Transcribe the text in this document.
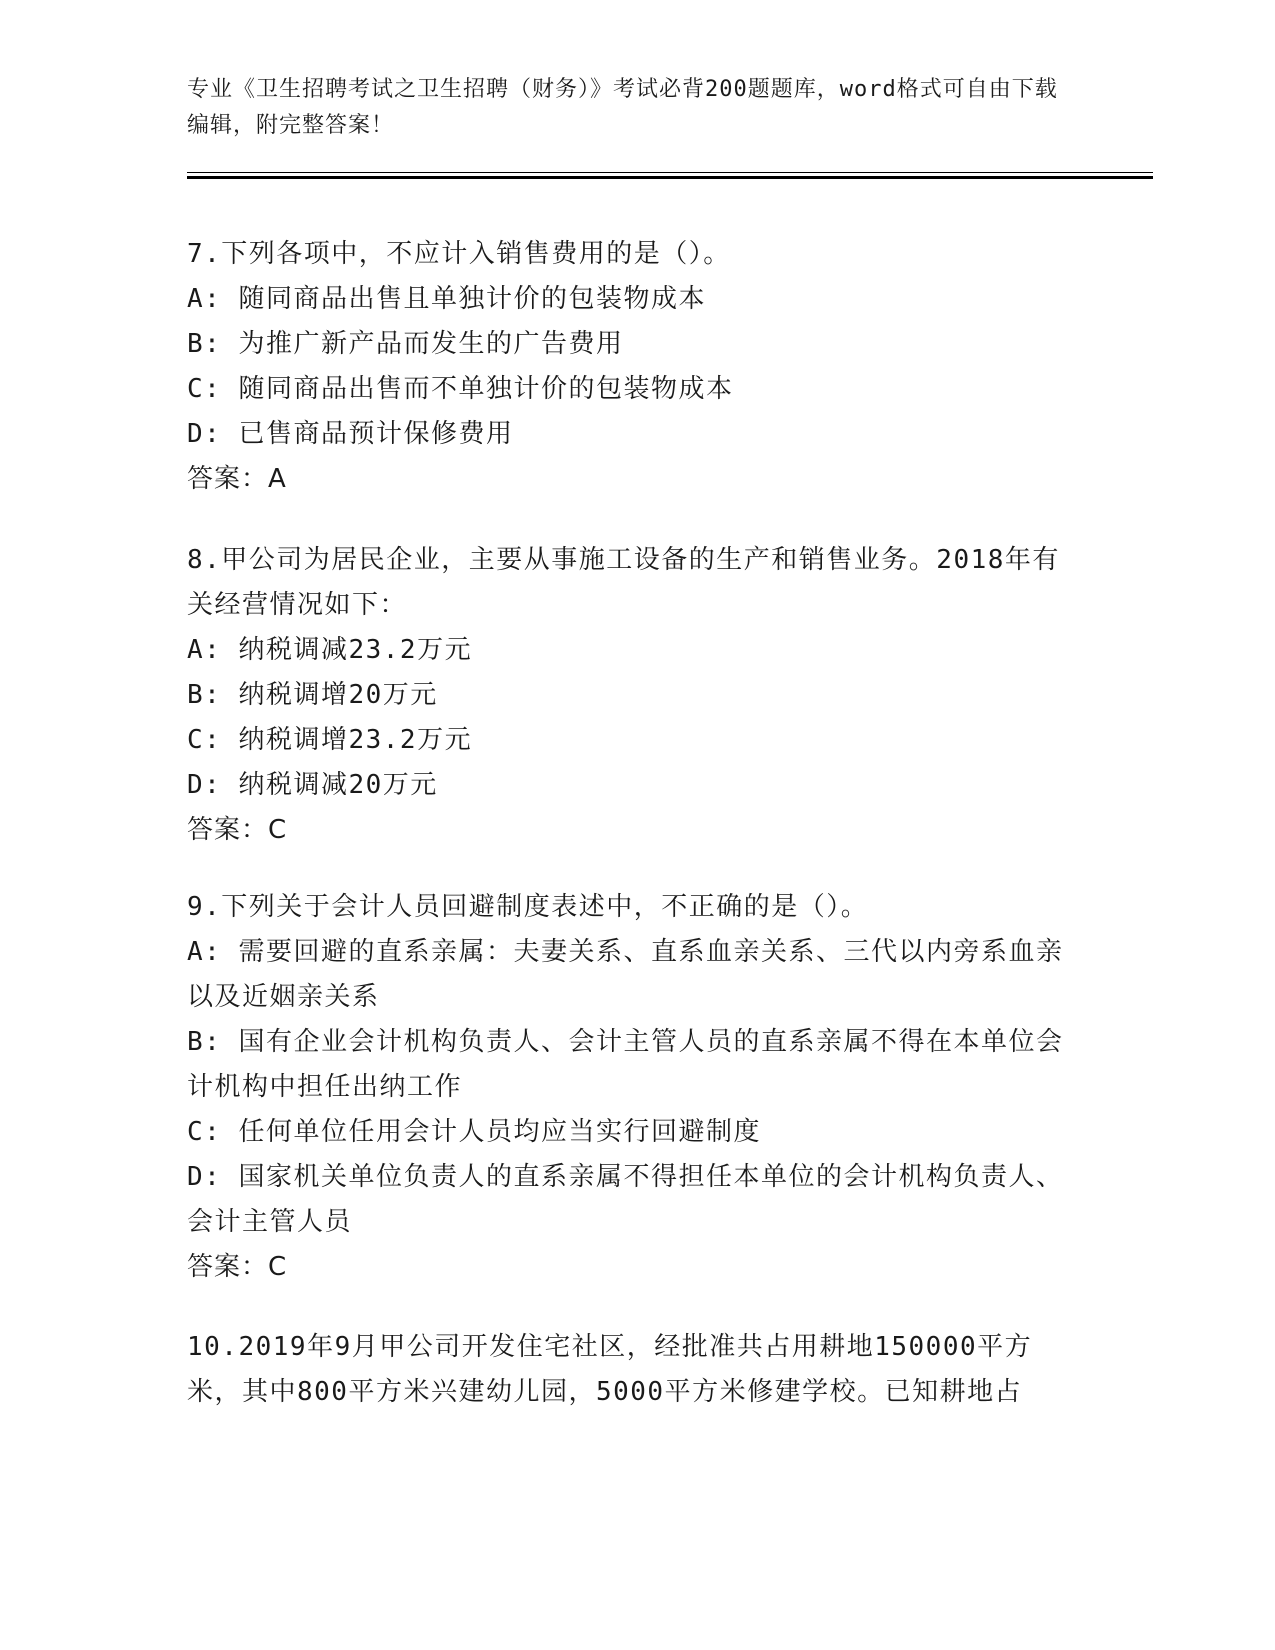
专业《卫生招聘考试之卫生招聘（财务）》考试必背200题题库，word格式可自由下载编辑，附完整答案！

7.下列各项中，不应计入销售费用的是（）。

A: 随同商品出售且单独计价的包装物成本

B: 为推广新产品而发生的广告费用

C: 随同商品出售而不单独计价的包装物成本

D: 已售商品预计保修费用

答案：A

8.甲公司为居民企业，主要从事施工设备的生产和销售业务。2018年有关经营情况如下：

A: 纳税调减23.2万元

B: 纳税调增20万元

C: 纳税调增23.2万元

D: 纳税调减20万元

答案：C

9.下列关于会计人员回避制度表述中，不正确的是（）。

A: 需要回避的直系亲属：夫妻关系、直系血亲关系、三代以内旁系血亲以及近姻亲关系

B: 国有企业会计机构负责人、会计主管人员的直系亲属不得在本单位会计机构中担任出纳工作

C: 任何单位任用会计人员均应当实行回避制度

D: 国家机关单位负责人的直系亲属不得担任本单位的会计机构负责人、会计主管人员

答案：C

10.2019年9月甲公司开发住宅社区，经批准共占用耕地150000平方米，其中800平方米兴建幼儿园，5000平方米修建学校。已知耕地占
